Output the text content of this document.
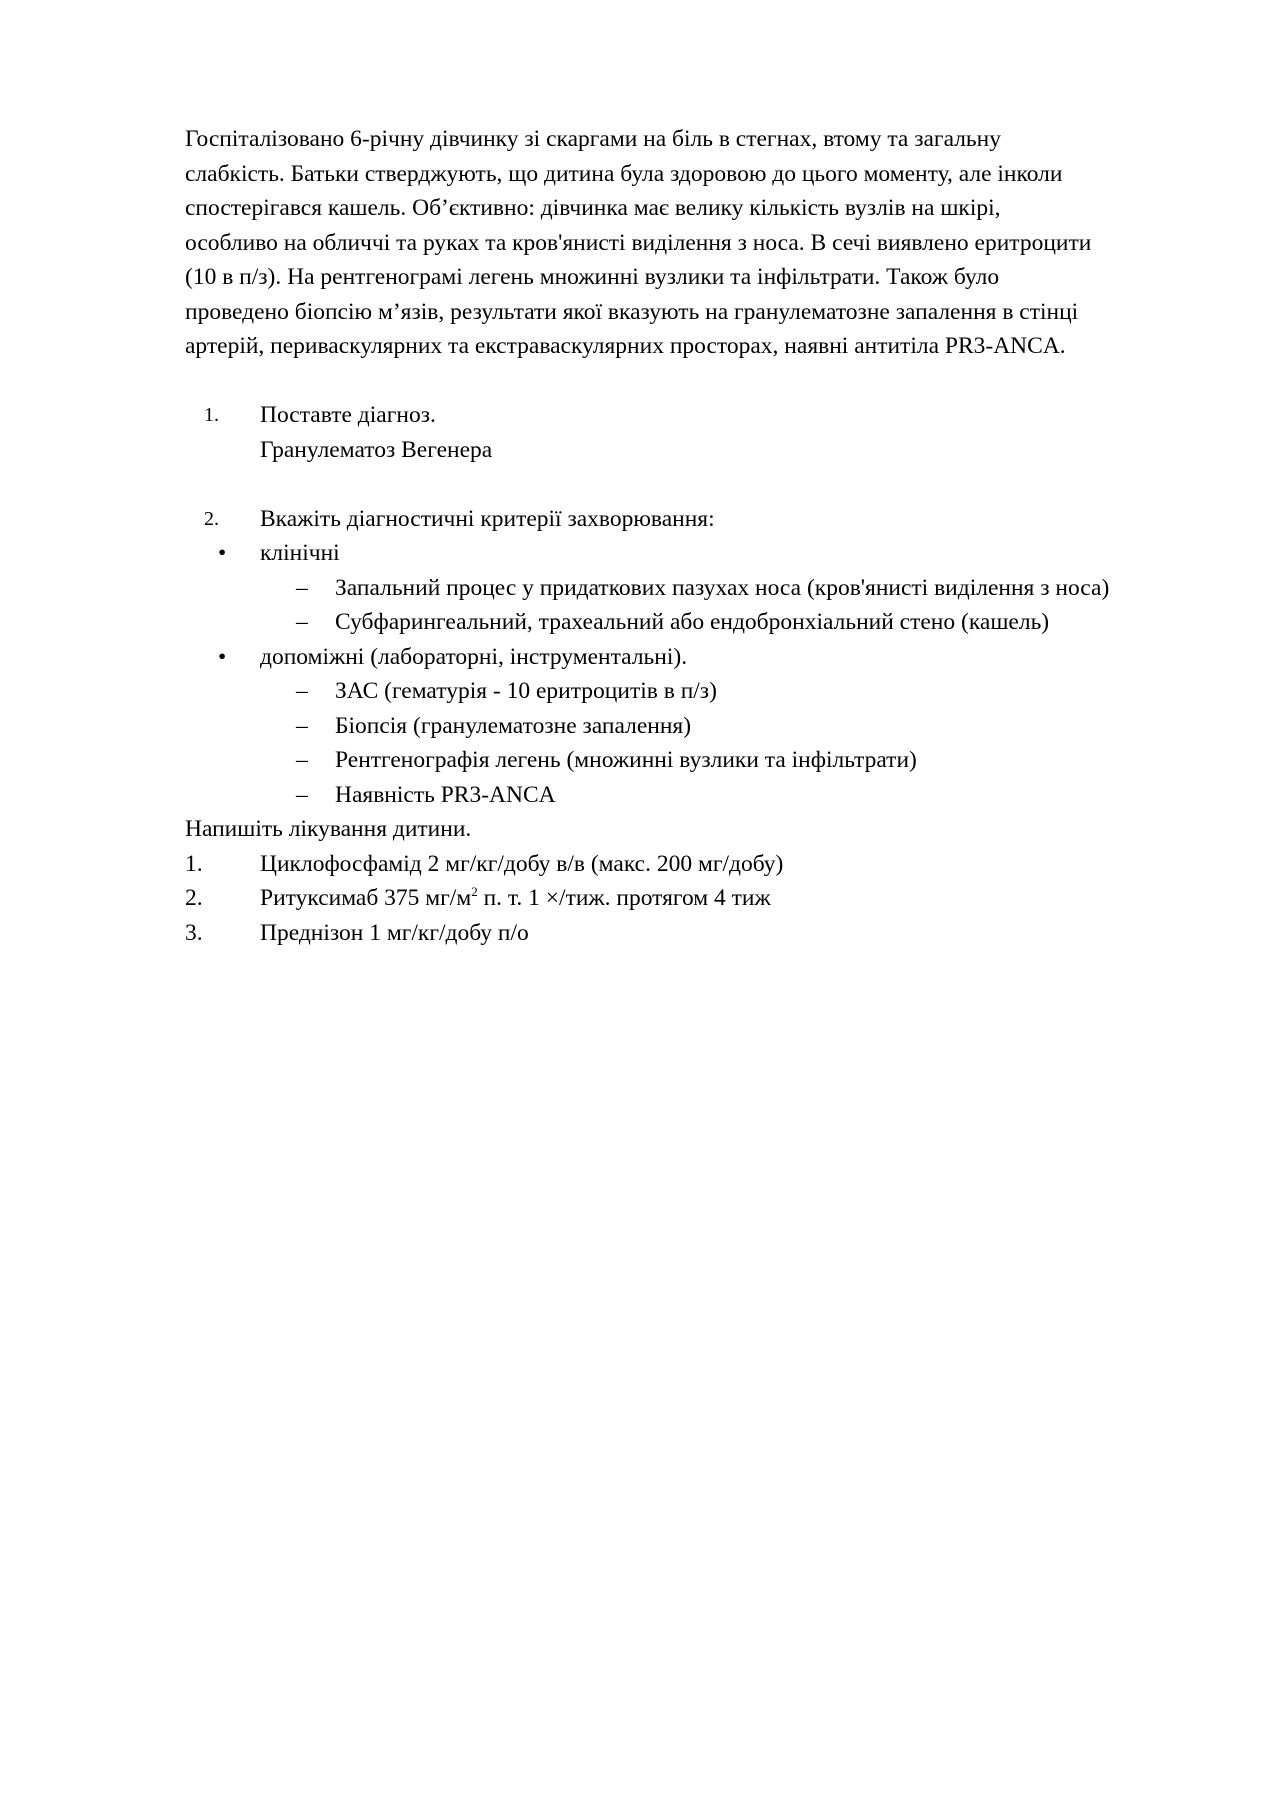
Госпіталізовано 6-річну дівчинку зі скаргами на біль в стегнах, втому та загальну
слабкість. Батьки стверджують, що дитина була здоровою до цього моменту, але інколи
спостерігався кашель. Об’єктивно: дівчинка має велику кількість вузлів на шкірі,
особливо на обличчі та руках та кров'янисті виділення з носа. В сечі виявлено еритроцити
(10 в п/з). На рентгенограмі легень множинні вузлики та інфільтрати. Також було
проведено біопсію м’язів, результати якої вказують на гранулематозне запалення в стінці
артерій, периваскулярних та екстраваскулярних просторах, наявні антитіла PR3-ANCA.
1. Поставте діагноз.
Гранулематоз Вегенера
2. Вкажіть діагностичні критерії захворювання:
• клінічні
– Запальний процес у придаткових пазухах носа (кров'янисті виділення з носа)
– Субфарингеальний, трахеальний або ендобронхіальний стено (кашель)
• допоміжні (лабораторні, інструментальні).
– ЗАС (гематурія - 10 еритроцитів в п/з)
– Біопсія (гранулематозне запалення)
– Рентгенографія легень (множинні вузлики та інфільтрати)
– Наявність PR3-ANCA
Напишіть лікування дитини.
1. Циклофосфамід 2 мг/кг/добу в/в (макс. 200 мг/добу)
2. Ритуксимаб 375 $мг/м^2$ п. т. 1 ×/тиж. протягом 4 тиж
3. Преднізон 1 мг/кг/добу п/о
